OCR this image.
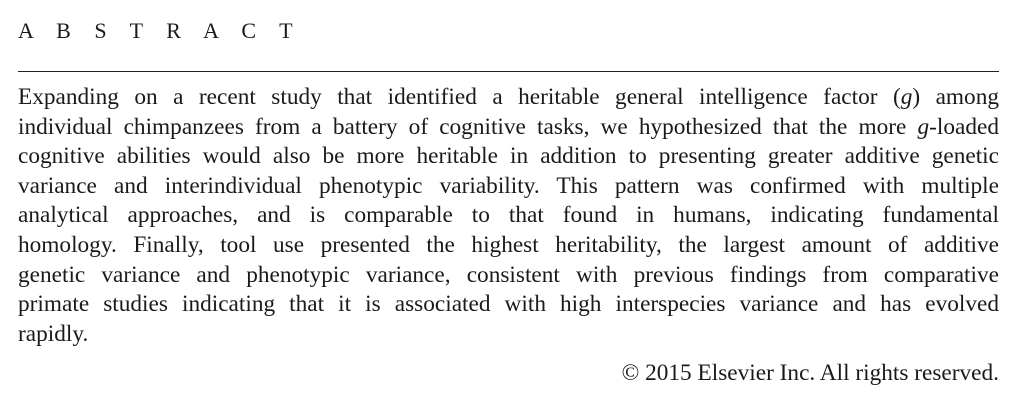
A B S T R A C T
Expanding on a recent study that identified a heritable general intelligence factor (g) among
individual chimpanzees from a battery of cognitive tasks, we hypothesized that the more g-loaded
cognitive abilities would also be more heritable in addition to presenting greater additive genetic
variance and interindividual phenotypic variability. This pattern was confirmed with multiple
analytical approaches, and is comparable to that found in humans, indicating fundamental
homology. Finally, tool use presented the highest heritability, the largest amount of additive
genetic variance and phenotypic variance, consistent with previous findings from comparative
primate studies indicating that it is associated with high interspecies variance and has evolved
rapidly.
© 2015 Elsevier Inc. All rights reserved.
